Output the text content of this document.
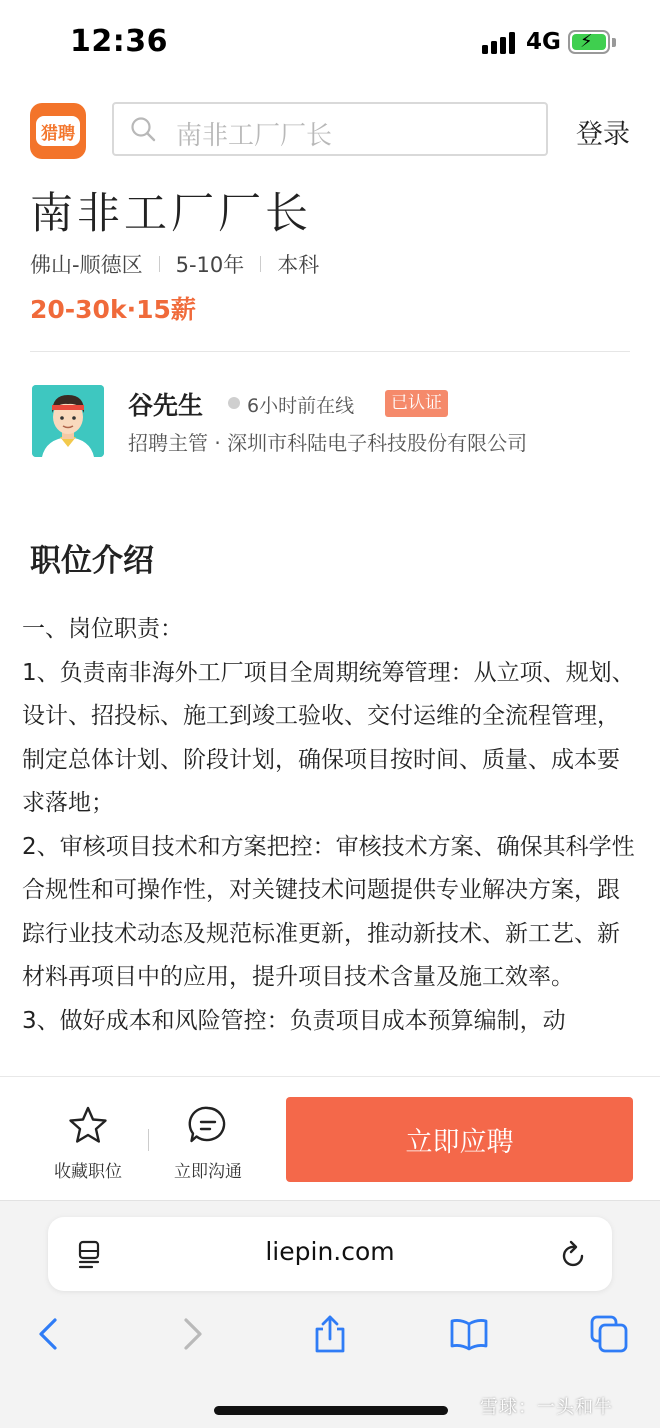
12:36	4G ⚡
猎聘	南非工厂厂长	登录
南非工厂厂长
佛山-顺德区 5-10年 本科
20-30k·15薪
谷先生 6小时前在线	已认证
招聘主管 · 深圳市科陆电子科技股份有限公司
职位介绍

一、岗位职责：

1、负责南非海外工厂项目全周期统筹管理：从立项、规划、设计、招投标、施工到竣工验收、交付运维的全流程管理，制定总体计划、阶段计划，确保项目按时间、质量、成本要求落地；

2、审核项目技术和方案把控：审核技术方案、确保其科学性合规性和可操作性，对关键技术问题提供专业解决方案，跟踪行业技术动态及规范标准更新，推动新技术、新工艺、新材料再项目中的应用，提升项目技术含量及施工效率。

3、做好成本和风险管控：负责项目成本预算编制，动

收藏职位	立即沟通
立即应聘
liepin.com
雪球：一头和牛
